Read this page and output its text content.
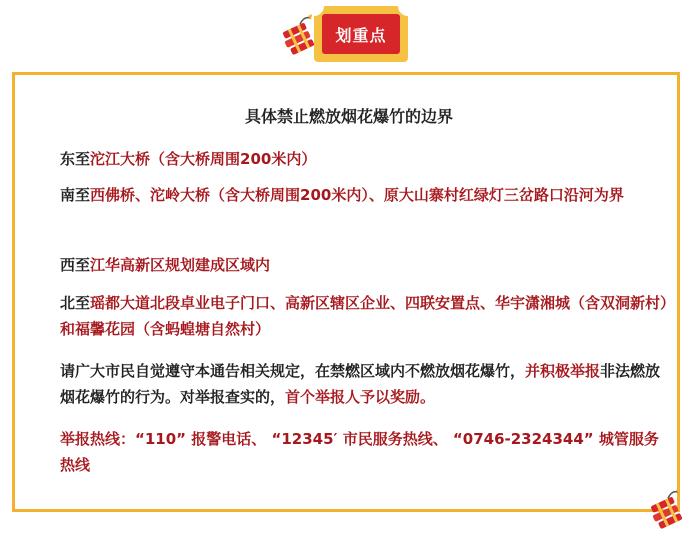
划重点
具体禁止燃放烟花爆竹的边界
东至沱江大桥（含大桥周围200米内）
南至西佛桥、沱岭大桥（含大桥周围200米内）、原大山寨村红绿灯三岔路口沿河为界
西至江华高新区规划建成区域内
北至瑶都大道北段卓业电子门口、高新区辖区企业、四联安置点、华宇潇湘城（含双洞新村）和福馨花园（含蚂蝗塘自然村）
请广大市民自觉遵守本通告相关规定，在禁燃区域内不燃放烟花爆竹，并积极举报非法燃放烟花爆竹的行为。对举报查实的，首个举报人予以奖励。
举报热线：“110” 报警电话、 “12345′ 市民服务热线、 “0746-2324344” 城管服务热线
